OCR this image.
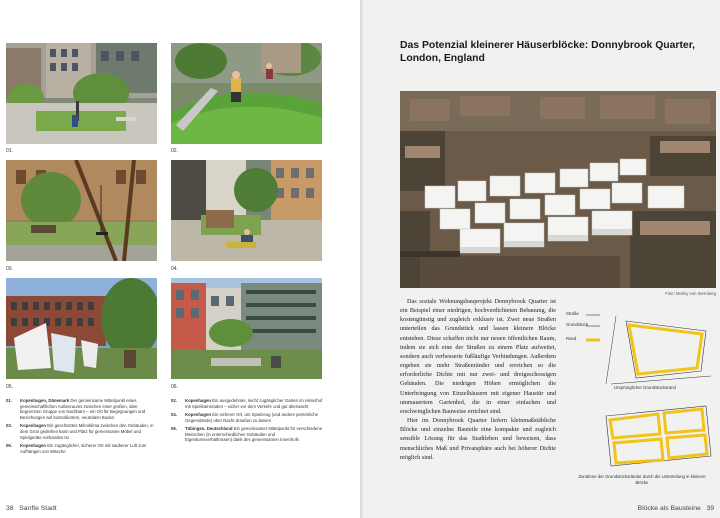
01.	02.
03.	04.
05.	06.
01. Kopenhagen, Dänemark Der gemeinsame Mittelpunkt eines gemeinschaftlichen Außenraums zwischen einer großen, aber begrenzten Gruppe von Nachbarn – ein Ort für Begegnungen und Beziehungen auf kontrolliertem, neutralem Boden
03. Kopenhagen Ein geschütztes Mikroklima zwischen den Gebäuden, in dem Grün gedeihen kann und Platz für gemeinsame Möbel und Spielgeräte vorhanden ist
05. Kopenhagen Ein zugänglicher, sicherer Ort mit sauberer Luft zum Aufhängen von Wäsche
02. Kopenhagen Ein ausgedehnter, leicht zugänglicher Garten im Hinterhof mit Spielkameraden – sicher vor dem Verkehr und gut überwacht
04. Kopenhagen Ein sicherer Ort, um Spielzeug (und andere persönliche Gegenstände) über Nacht draußen zu lassen
06. Tübingen, Deutschland Ein gemeinsamer Mittelpunkt für verschiedene Menschen (in unterschiedlichen Gebäuden und Eigentumsverhältnissen) dank des gemeinsamen Innenhofs
38 Sanfte Stadt
Das Potenzial kleinerer Häuserblöcke: Donnybrook Quarter, London, England
Foto: Morley von Sternberg

Das soziale Wohnungsbauprojekt Donnybrook Quarter ist ein Beispiel einer niedrigen, hochverdichteten Bebauung, die kostengünstig und zugleich exklusiv ist. Zwei neue Straßen unterteilen das Grundstück und lassen kleinere Blöcke entstehen. Diese schaffen nicht nur neuen öffentlichen Raum, indem sie sich eine der Straßen zu einem Platz aufweitet, sondern auch verbesserte fußläufige Verbindungen. Außerdem ergeben sie mehr Straßenränder und erreichen so die erforderliche Dichte mit nur zwei- und dreigeschossigen Gebäuden. Die niedrigen Höhen ermöglichen die Unterbringung von Einzelhäusern mit eigener Haustür und ummauertem Gartenhof, die in einer einfachen und erschwinglichen Bauweise errichtet sind.

Hier im Donnybrook Quarter liefern kleinmaßstäbliche Blöcke und einzelne Bauteile eine kompakte und zugleich sensible Lösung für das Stadtleben und beweisen, dass menschliches Maß und Privatsphäre auch bei höherer Dichte möglich sind.

Straße
Grundstück
Rand
Ursprünglicher Grundstücksrand
Zunahme der Grundstücksränder durch die Unterteilung in kleinere Blöcke
Blöcke als Bausteine 39
